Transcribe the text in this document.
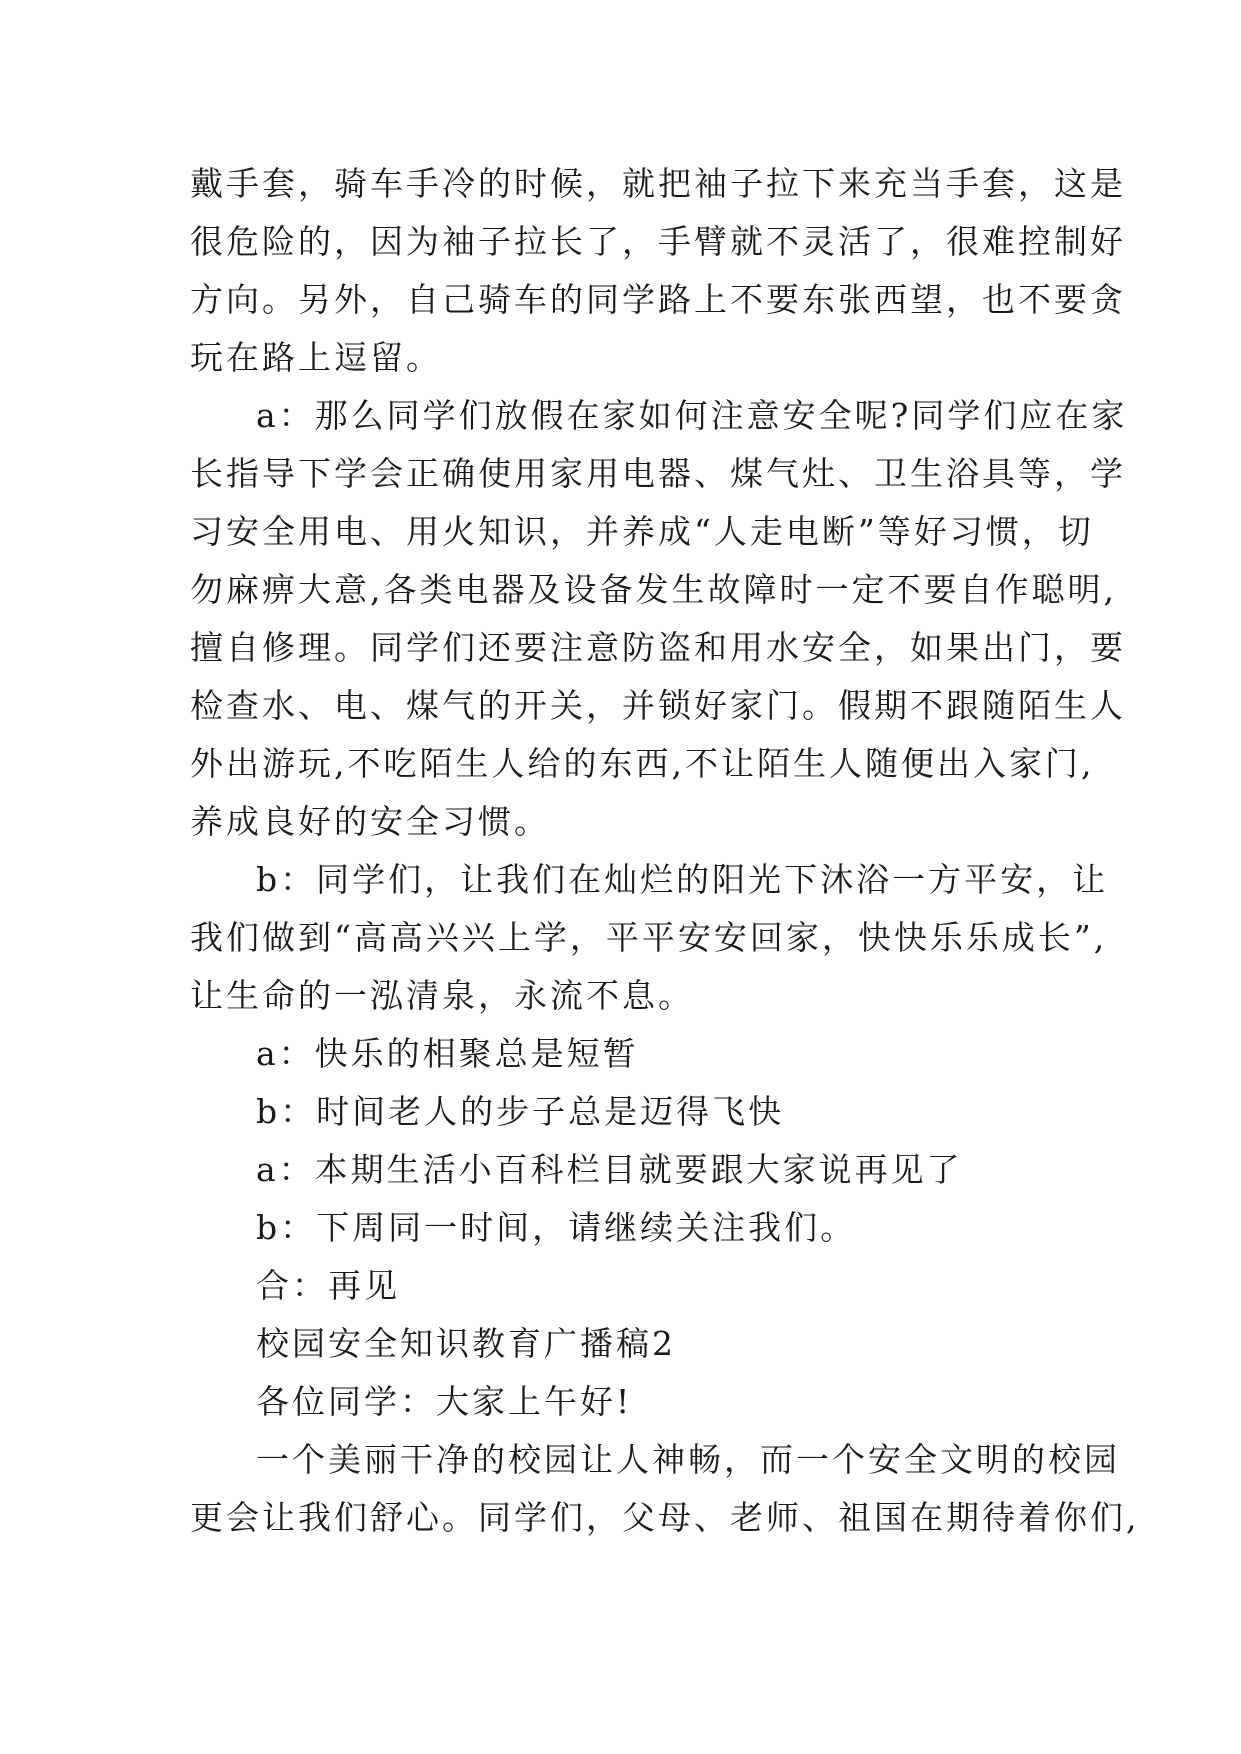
戴手套，骑车手冷的时候，就把袖子拉下来充当手套，这是
很危险的，因为袖子拉长了，手臂就不灵活了，很难控制好
方向。另外，自己骑车的同学路上不要东张西望，也不要贪
玩在路上逗留。
a：那么同学们放假在家如何注意安全呢?同学们应在家
长指导下学会正确使用家用电器、煤气灶、卫生浴具等，学
习安全用电、用火知识，并养成“人走电断”等好习惯，切
勿麻痹大意,各类电器及设备发生故障时一定不要自作聪明,
擅自修理。同学们还要注意防盗和用水安全，如果出门，要
检查水、电、煤气的开关，并锁好家门。假期不跟随陌生人
外出游玩,不吃陌生人给的东西,不让陌生人随便出入家门,
养成良好的安全习惯。
b：同学们，让我们在灿烂的阳光下沐浴一方平安，让
我们做到“高高兴兴上学，平平安安回家，快快乐乐成长”,
让生命的一泓清泉，永流不息。
a：快乐的相聚总是短暂
b：时间老人的步子总是迈得飞快
a：本期生活小百科栏目就要跟大家说再见了
b：下周同一时间，请继续关注我们。
合：再见
校园安全知识教育广播稿2
各位同学：大家上午好!
一个美丽干净的校园让人神畅，而一个安全文明的校园
更会让我们舒心。同学们，父母、老师、祖国在期待着你们,
